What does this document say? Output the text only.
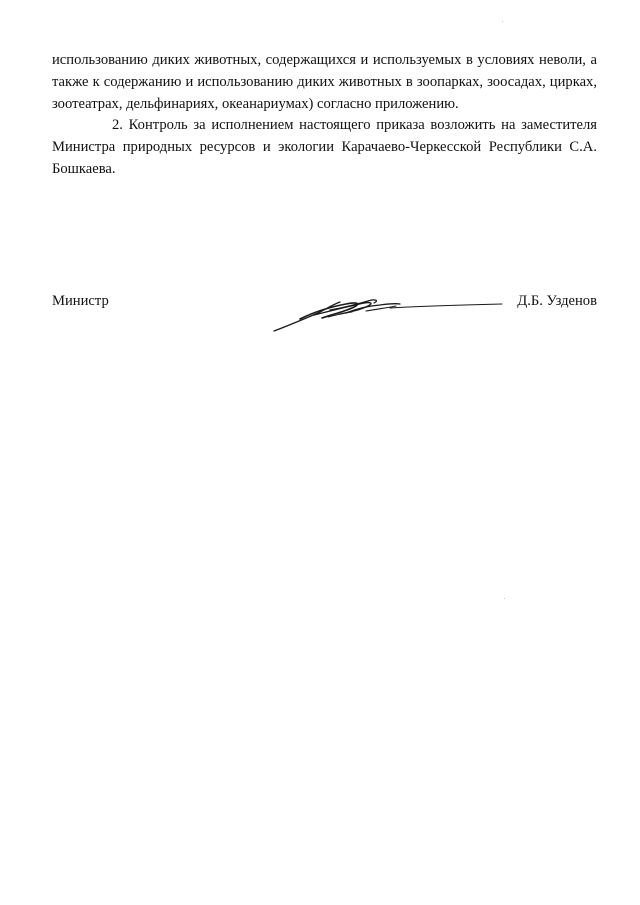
использованию диких животных, содержащихся и используемых в условиях неволи, а также к содержанию и использованию диких животных в зоопарках, зоосадах, цирках, зоотеатрах, дельфинариях, океанариумах) согласно приложению.

2. Контроль за исполнением настоящего приказа возложить на заместителя Министра природных ресурсов и экологии Карачаево-Черкесской Республики С.А. Бошкаева.

Министр	Д.Б. Узденов
